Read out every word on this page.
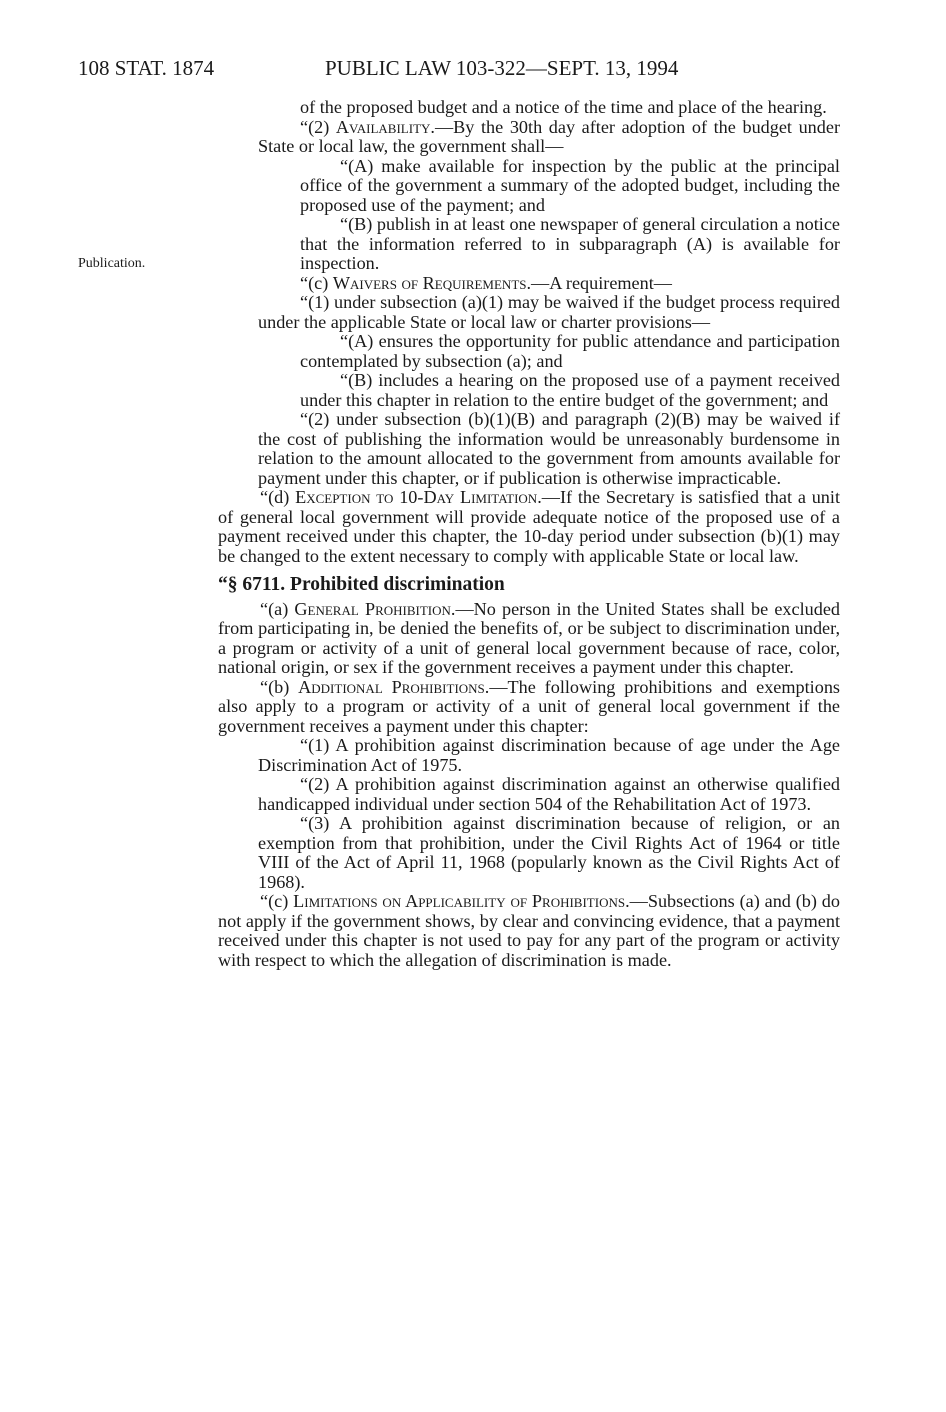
108 STAT. 1874	PUBLIC LAW 103-322—SEPT. 13, 1994
Publication.

of the proposed budget and a notice of the time and place of the hearing.

“(2) Availability.—By the 30th day after adoption of the budget under State or local law, the government shall—

“(A) make available for inspection by the public at the principal office of the government a summary of the adopted budget, including the proposed use of the payment; and

“(B) publish in at least one newspaper of general circulation a notice that the information referred to in subparagraph (A) is available for inspection.

“(c) Waivers of Requirements.—A requirement—

“(1) under subsection (a)(1) may be waived if the budget process required under the applicable State or local law or charter provisions—

“(A) ensures the opportunity for public attendance and participation contemplated by subsection (a); and

“(B) includes a hearing on the proposed use of a payment received under this chapter in relation to the entire budget of the government; and

“(2) under subsection (b)(1)(B) and paragraph (2)(B) may be waived if the cost of publishing the information would be unreasonably burdensome in relation to the amount allocated to the government from amounts available for payment under this chapter, or if publication is otherwise impracticable.

“(d) Exception to 10-Day Limitation.—If the Secretary is satisfied that a unit of general local government will provide adequate notice of the proposed use of a payment received under this chapter, the 10-day period under subsection (b)(1) may be changed to the extent necessary to comply with applicable State or local law.

“§ 6711. Prohibited discrimination

“(a) General Prohibition.—No person in the United States shall be excluded from participating in, be denied the benefits of, or be subject to discrimination under, a program or activity of a unit of general local government because of race, color, national origin, or sex if the government receives a payment under this chapter.

“(b) Additional Prohibitions.—The following prohibitions and exemptions also apply to a program or activity of a unit of general local government if the government receives a payment under this chapter:

“(1) A prohibition against discrimination because of age under the Age Discrimination Act of 1975.

“(2) A prohibition against discrimination against an otherwise qualified handicapped individual under section 504 of the Rehabilitation Act of 1973.

“(3) A prohibition against discrimination because of religion, or an exemption from that prohibition, under the Civil Rights Act of 1964 or title VIII of the Act of April 11, 1968 (popularly known as the Civil Rights Act of 1968).

“(c) Limitations on Applicability of Prohibitions.—Subsections (a) and (b) do not apply if the government shows, by clear and convincing evidence, that a payment received under this chapter is not used to pay for any part of the program or activity with respect to which the allegation of discrimination is made.
